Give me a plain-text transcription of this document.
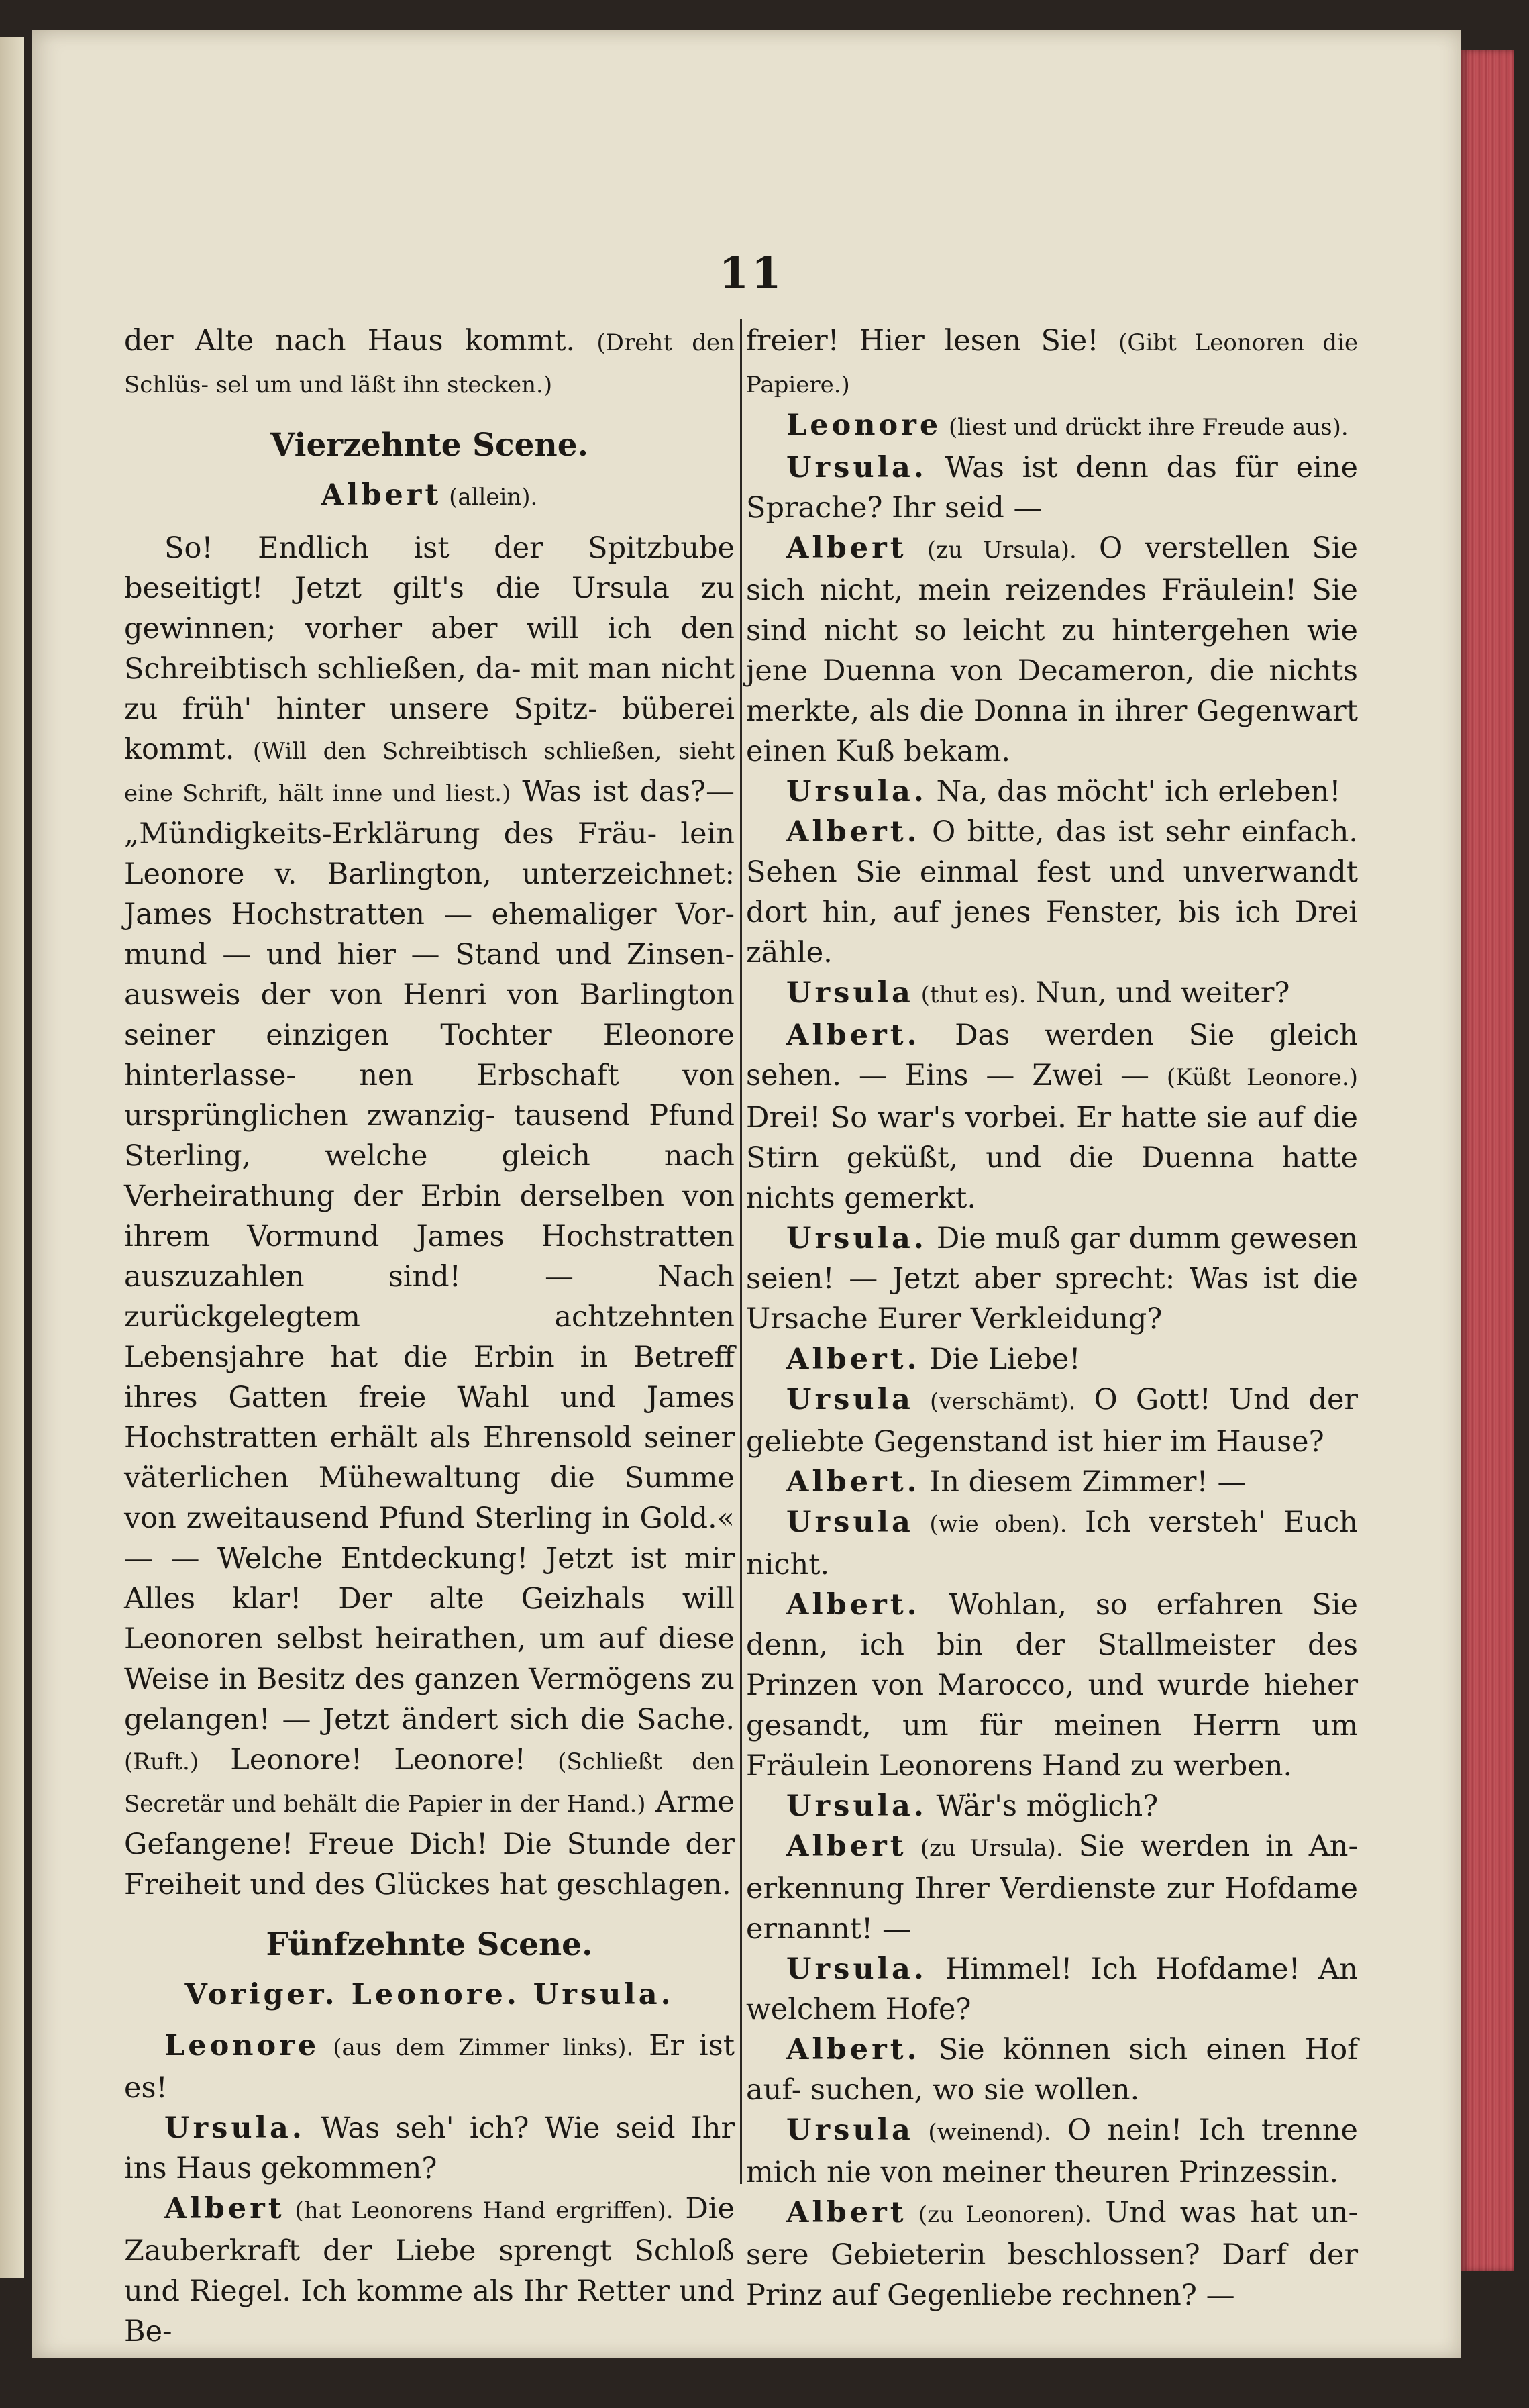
11

der Alte nach Haus kommt. (Dreht den Schlüs- sel um und läßt ihn stecken.)

Vierzehnte Scene.

Albert (allein).

So! Endlich ist der Spitzbube beseitigt! Jetzt gilt's die Ursula zu gewinnen; vorher aber will ich den Schreibtisch schließen, da- mit man nicht zu früh' hinter unsere Spitz- büberei kommt. (Will den Schreibtisch schließen, sieht eine Schrift, hält inne und liest.) Was ist das?—„Mündigkeits-Erklärung des Fräu- lein Leonore v. Barlington, unterzeichnet: James Hochstratten — ehemaliger Vor- mund — und hier — Stand und Zinsen- ausweis der von Henri von Barlington seiner einzigen Tochter Eleonore hinterlasse- nen Erbschaft von ursprünglichen zwanzig- tausend Pfund Sterling, welche gleich nach Verheirathung der Erbin derselben von ihrem Vormund James Hochstratten auszuzahlen sind! — Nach zurückgelegtem achtzehnten Lebensjahre hat die Erbin in Betreff ihres Gatten freie Wahl und James Hochstratten erhält als Ehrensold seiner väterlichen Mühewaltung die Summe von zweitausend Pfund Sterling in Gold.« — — Welche Entdeckung! Jetzt ist mir Alles klar! Der alte Geizhals will Leonoren selbst heirathen, um auf diese Weise in Besitz des ganzen Vermögens zu gelangen! — Jetzt ändert sich die Sache. (Ruft.) Leonore! Leonore! (Schließt den Secretär und behält die Papier in der Hand.) Arme Gefangene! Freue Dich! Die Stunde der Freiheit und des Glückes hat geschlagen.

Fünfzehnte Scene.

Voriger. Leonore. Ursula.

Leonore (aus dem Zimmer links). Er ist es!

Ursula. Was seh' ich? Wie seid Ihr ins Haus gekommen?

Albert (hat Leonorens Hand ergriffen). Die Zauberkraft der Liebe sprengt Schloß und Riegel. Ich komme als Ihr Retter und Be-

freier! Hier lesen Sie! (Gibt Leonoren die Papiere.)

Leonore (liest und drückt ihre Freude aus).

Ursula. Was ist denn das für eine Sprache? Ihr seid —

Albert (zu Ursula). O verstellen Sie sich nicht, mein reizendes Fräulein! Sie sind nicht so leicht zu hintergehen wie jene Duenna von Decameron, die nichts merkte, als die Donna in ihrer Gegenwart einen Kuß bekam.

Ursula. Na, das möcht' ich erleben!

Albert. O bitte, das ist sehr einfach. Sehen Sie einmal fest und unverwandt dort hin, auf jenes Fenster, bis ich Drei zähle.

Ursula (thut es). Nun, und weiter?

Albert. Das werden Sie gleich sehen. — Eins — Zwei — (Küßt Leonore.) Drei! So war's vorbei. Er hatte sie auf die Stirn geküßt, und die Duenna hatte nichts gemerkt.

Ursula. Die muß gar dumm gewesen seien! — Jetzt aber sprecht: Was ist die Ursache Eurer Verkleidung?

Albert. Die Liebe!

Ursula (verschämt). O Gott! Und der geliebte Gegenstand ist hier im Hause?

Albert. In diesem Zimmer! —

Ursula (wie oben). Ich versteh' Euch nicht.

Albert. Wohlan, so erfahren Sie denn, ich bin der Stallmeister des Prinzen von Marocco, und wurde hieher gesandt, um für meinen Herrn um Fräulein Leonorens Hand zu werben.

Ursula. Wär's möglich?

Albert (zu Ursula). Sie werden in An- erkennung Ihrer Verdienste zur Hofdame ernannt! —

Ursula. Himmel! Ich Hofdame! An welchem Hofe?

Albert. Sie können sich einen Hof auf- suchen, wo sie wollen.

Ursula (weinend). O nein! Ich trenne mich nie von meiner theuren Prinzessin.

Albert (zu Leonoren). Und was hat un- sere Gebieterin beschlossen? Darf der Prinz auf Gegenliebe rechnen? —
